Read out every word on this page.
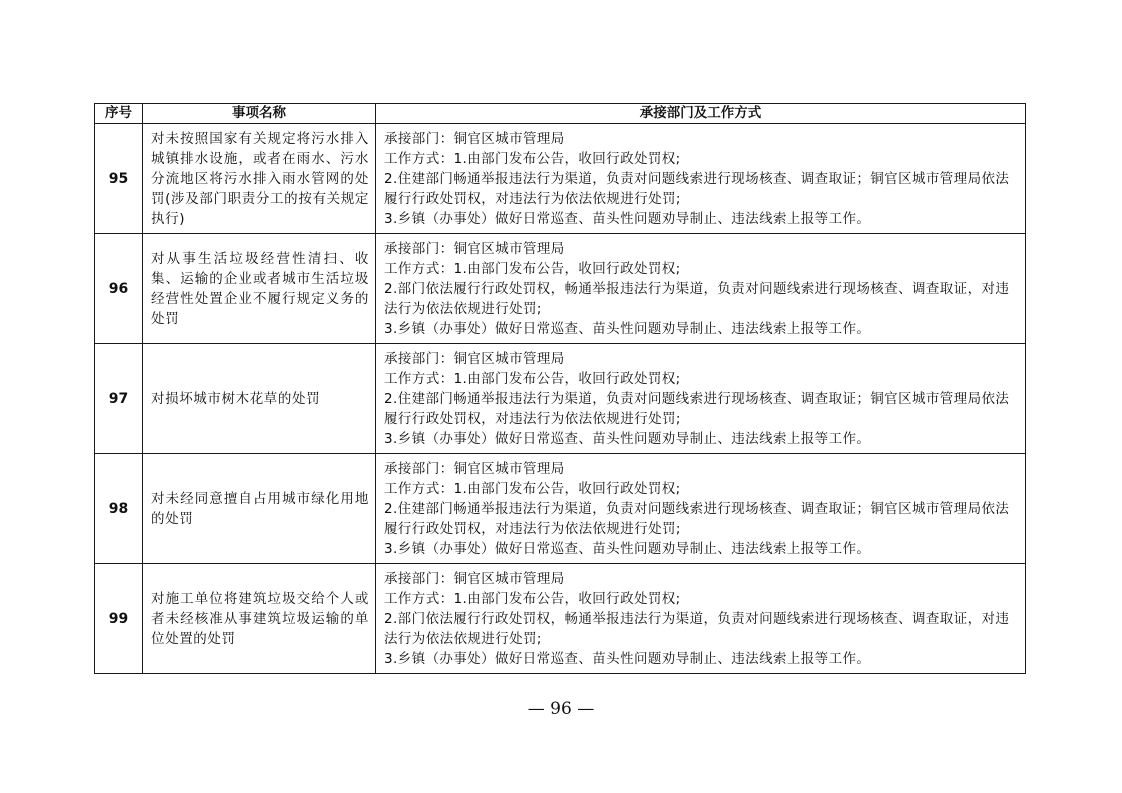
序号	事项名称	承接部门及工作方式
95	对未按照国家有关规定将污水排入城镇排水设施，或者在雨水、污水分流地区将污水排入雨水管网的处罚(涉及部门职责分工的按有关规定执行)	承接部门：铜官区城市管理局
工作方式：1.由部门发布公告，收回行政处罚权;
2.住建部门畅通举报违法行为渠道，负责对问题线索进行现场核查、调查取证；铜官区城市管理局依法履行行政处罚权，对违法行为依法依规进行处罚;
3.乡镇（办事处）做好日常巡查、苗头性问题劝导制止、违法线索上报等工作。

96	对从事生活垃圾经营性清扫、收集、运输的企业或者城市生活垃圾经营性处置企业不履行规定义务的处罚	承接部门：铜官区城市管理局
工作方式：1.由部门发布公告，收回行政处罚权;
2.部门依法履行行政处罚权，畅通举报违法行为渠道，负责对问题线索进行现场核查、调查取证，对违法行为依法依规进行处罚;
3.乡镇（办事处）做好日常巡查、苗头性问题劝导制止、违法线索上报等工作。

97	对损坏城市树木花草的处罚	承接部门：铜官区城市管理局
工作方式：1.由部门发布公告，收回行政处罚权;
2.住建部门畅通举报违法行为渠道，负责对问题线索进行现场核查、调查取证；铜官区城市管理局依法履行行政处罚权，对违法行为依法依规进行处罚;
3.乡镇（办事处）做好日常巡查、苗头性问题劝导制止、违法线索上报等工作。

98	对未经同意擅自占用城市绿化用地的处罚	承接部门：铜官区城市管理局
工作方式：1.由部门发布公告，收回行政处罚权;
2.住建部门畅通举报违法行为渠道，负责对问题线索进行现场核查、调查取证；铜官区城市管理局依法履行行政处罚权，对违法行为依法依规进行处罚;
3.乡镇（办事处）做好日常巡查、苗头性问题劝导制止、违法线索上报等工作。

99	对施工单位将建筑垃圾交给个人或者未经核准从事建筑垃圾运输的单位处置的处罚	承接部门：铜官区城市管理局
工作方式：1.由部门发布公告，收回行政处罚权;
2.部门依法履行行政处罚权，畅通举报违法行为渠道，负责对问题线索进行现场核查、调查取证，对违法行为依法依规进行处罚;
3.乡镇（办事处）做好日常巡查、苗头性问题劝导制止、违法线索上报等工作。
— 96 —
